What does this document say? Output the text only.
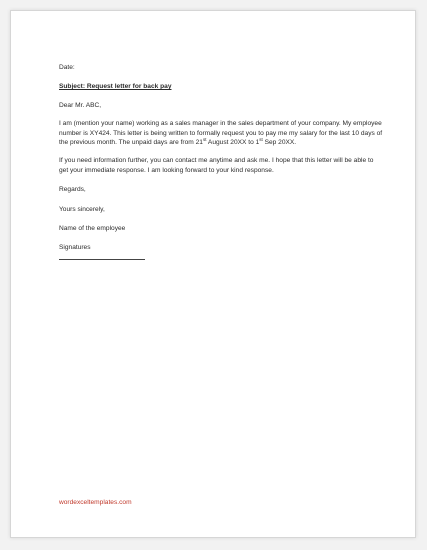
Date:

Subject: Request letter for back pay

Dear Mr. ABC,

I am (mention your name) working as a sales manager in the sales department of your company. My employee number is XY424. This letter is being written to formally request you to pay me my salary for the last 10 days of the previous month. The unpaid days are from 21st August 20XX to 1st Sep 20XX.

If you need information further, you can contact me anytime and ask me. I hope that this letter will be able to get your immediate response. I am looking forward to your kind response.

Regards,

Yours sincerely,

Name of the employee

Signatures

wordexceltemplates.com
